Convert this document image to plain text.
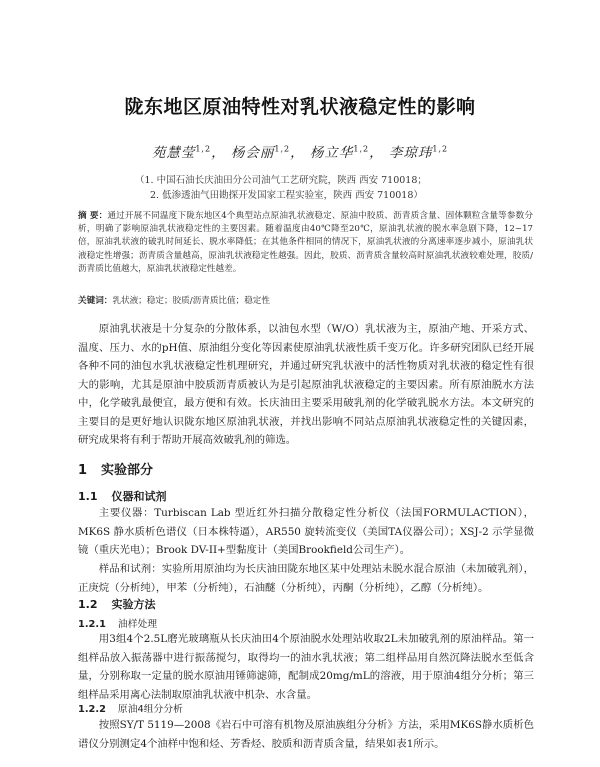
陇东地区原油特性对乳状液稳定性的影响
苑慧莹$^{1,2}$， 杨会丽$^{1,2}$， 杨立华$^{1,2}$， 李琼玮$^{1,2}$
（1. 中国石油长庆油田分公司油气工艺研究院，陕西 西安 710018；
2. 低渗透油气田勘探开发国家工程实验室，陕西 西安 710018）
摘 要：通过开展不同温度下陇东地区4个典型站点原油乳状液稳定、原油中胶质、沥青质含量、固体颗粒含量等参数分析，明确了影响原油乳状液稳定性的主要因素。随着温度由40℃降至20℃，原油乳状液的脱水率急剧下降，12~17倍，原油乳状液的破乳时间延长、脱水率降低；在其他条件相同的情况下，原油乳状液的分离速率逐步减小，原油乳状液稳定性增强；沥青质含量越高，原油乳状液稳定性越强。因此，胶质、沥青质含量较高时原油乳状液较难处理，胶质/沥青质比值越大，原油乳状液稳定性越差。
关键词：乳状液；稳定；胶质/沥青质比值；稳定性

原油乳状液是十分复杂的分散体系，以油包水型（W/O）乳状液为主，原油产地、开采方式、温度、压力、水的pH值、原油组分变化等因素使原油乳状液性质千变万化。许多研究团队已经开展各种不同的油包水乳状液稳定性机理研究，并通过研究乳状液中的活性物质对乳状液的稳定性有很大的影响，尤其是原油中胶质沥青质被认为是引起原油乳状液稳定的主要因素。所有原油脱水方法中，化学破乳最便宜，最方便和有效。长庆油田主要采用破乳剂的化学破乳脱水方法。本文研究的主要目的是更好地认识陇东地区原油乳状液，并找出影响不同站点原油乳状液稳定性的关键因素，研究成果将有利于帮助开展高效破乳剂的筛选。

1 实验部分
1.1 仪器和试剂

主要仪器：Turbiscan Lab 型近红外扫描分散稳定性分析仪（法国FORMULACTION），MK6S 静水质析色谱仪（日本株特逼），AR550 旋转流变仪（美国TA仪器公司）；XSJ-2 示学显微镜（重庆光电）；Brook DV-II+型黏度计（美国Brookfield公司生产）。

样品和试剂：实验所用原油均为长庆油田陇东地区某中处理站未脱水混合原油（未加破乳剂），正庚烷（分析纯），甲苯（分析纯），石油醚（分析纯），丙酮（分析纯），乙醇（分析纯）。

1.2 实验方法
1.2.1 油样处理

用3组4个2.5L磨光玻璃瓶从长庆油田4个原油脱水处理站收取2L未加破乳剂的原油样品。第一组样品放入振荡器中进行振荡搅匀，取得均一的油水乳状液；第二组样品用自然沉降法脱水至低含量，分别称取一定量的脱水原油用锤筛滤筛，配制成20mg/mL的溶液，用于原油4组分分析；第三组样品采用离心法制取原油乳状液中机杂、水含量。

1.2.2 原油4组分分析

按照SY/T 5119—2008《岩石中可溶有机物及原油族组分分析》方法，采用MK6S静水质析色谱仪分别测定4个油样中饱和烃、芳香烃、胶质和沥青质含量，结果如表1所示。
